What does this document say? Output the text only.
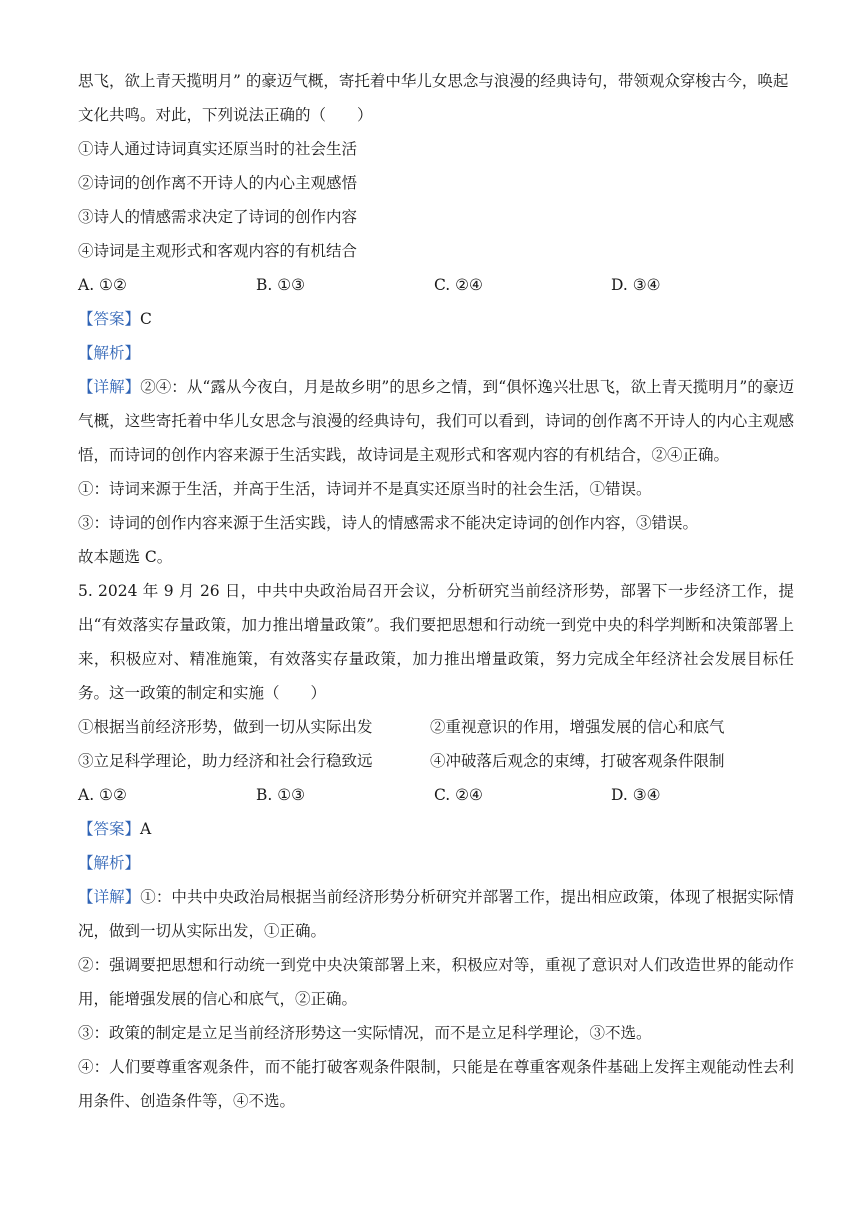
思飞，欲上青天揽明月” 的豪迈气概，寄托着中华儿女思念与浪漫的经典诗句，带领观众穿梭古今，唤起
文化共鸣。对此，下列说法正确的（　　）
①诗人通过诗词真实还原当时的社会生活
②诗词的创作离不开诗人的内心主观感悟
③诗人的情感需求决定了诗词的创作内容
④诗词是主观形式和客观内容的有机结合
A. ①②	B. ①③	C. ②④	D. ③④
【答案】C
【解析】
【详解】②④：从“露从今夜白，月是故乡明”的思乡之情，到“俱怀逸兴壮思飞，欲上青天揽明月”的豪迈气概，这些寄托着中华儿女思念与浪漫的经典诗句，我们可以看到，诗词的创作离不开诗人的内心主观感悟，而诗词的创作内容来源于生活实践，故诗词是主观形式和客观内容的有机结合，②④正确。
①：诗词来源于生活，并高于生活，诗词并不是真实还原当时的社会生活，①错误。
③：诗词的创作内容来源于生活实践，诗人的情感需求不能决定诗词的创作内容，③错误。
故本题选 C。
5. 2024 年 9 月 26 日，中共中央政治局召开会议，分析研究当前经济形势，部署下一步经济工作，提出“有效落实存量政策，加力推出增量政策”。我们要把思想和行动统一到党中央的科学判断和决策部署上来，积极应对、精准施策，有效落实存量政策，加力推出增量政策，努力完成全年经济社会发展目标任务。这一政策的制定和实施（　　）
①根据当前经济形势，做到一切从实际出发	②重视意识的作用，增强发展的信心和底气
③立足科学理论，助力经济和社会行稳致远	④冲破落后观念的束缚，打破客观条件限制
A. ①②	B. ①③	C. ②④	D. ③④
【答案】A
【解析】
【详解】①：中共中央政治局根据当前经济形势分析研究并部署工作，提出相应政策，体现了根据实际情况，做到一切从实际出发，①正确。
②：强调要把思想和行动统一到党中央决策部署上来，积极应对等，重视了意识对人们改造世界的能动作用，能增强发展的信心和底气，②正确。
③：政策的制定是立足当前经济形势这一实际情况，而不是立足科学理论，③不选。
④：人们要尊重客观条件，而不能打破客观条件限制，只能是在尊重客观条件基础上发挥主观能动性去利用条件、创造条件等，④不选。
